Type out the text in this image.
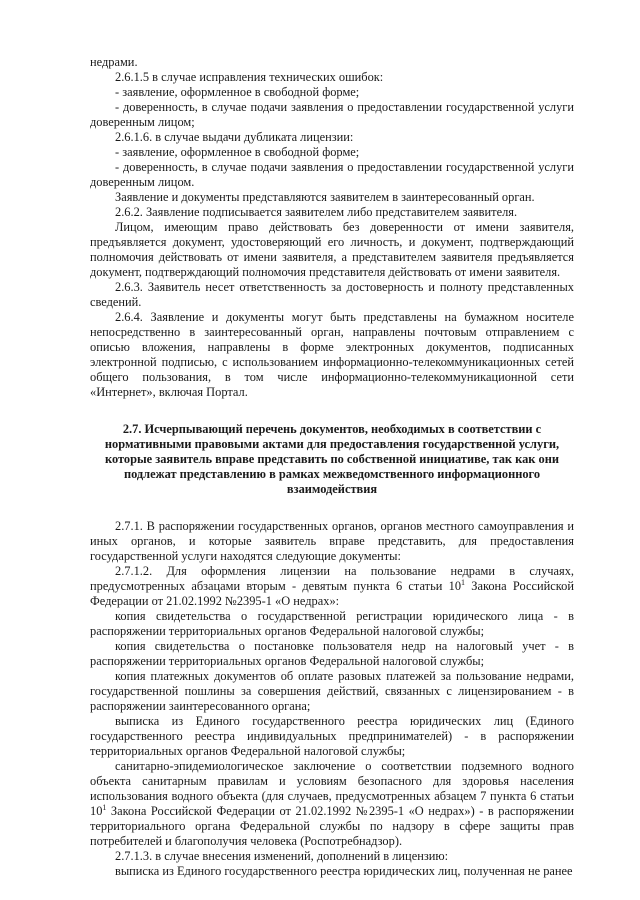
недрами.

2.6.1.5 в случае исправления технических ошибок:

- заявление, оформленное в свободной форме;

- доверенность, в случае подачи заявления о предоставлении государственной услуги доверенным лицом;

2.6.1.6. в случае выдачи дубликата лицензии:

- заявление, оформленное в свободной форме;

- доверенность, в случае подачи заявления о предоставлении государственной услуги доверенным лицом.

Заявление и документы представляются заявителем в заинтересованный орган.

2.6.2. Заявление подписывается заявителем либо представителем заявителя.

Лицом, имеющим право действовать без доверенности от имени заявителя, предъявляется документ, удостоверяющий его личность, и документ, подтверждающий полномочия действовать от имени заявителя, а представителем заявителя предъявляется документ, подтверждающий полномочия представителя действовать от имени заявителя.

2.6.3. Заявитель несет ответственность за достоверность и полноту представленных сведений.

2.6.4. Заявление и документы могут быть представлены на бумажном носителе непосредственно в заинтересованный орган, направлены почтовым отправлением с описью вложения, направлены в форме электронных документов, подписанных электронной подписью, с использованием информационно-телекоммуникационных сетей общего пользования, в том числе информационно-телекоммуникационной сети «Интернет», включая Портал.

2.7. Исчерпывающий перечень документов, необходимых в соответствии с нормативными правовыми актами для предоставления государственной услуги, которые заявитель вправе представить по собственной инициативе, так как они подлежат представлению в рамках межведомственного информационного взаимодействия

2.7.1. В распоряжении государственных органов, органов местного самоуправления и иных органов, и которые заявитель вправе представить, для предоставления государственной услуги находятся следующие документы:

2.7.1.2. Для оформления лицензии на пользование недрами в случаях, предусмотренных абзацами вторым - девятым пункта 6 статьи $10^1$ Закона Российской Федерации от 21.02.1992 №2395-1 «О недрах»:

копия свидетельства о государственной регистрации юридического лица - в распоряжении территориальных органов Федеральной налоговой службы;

копия свидетельства о постановке пользователя недр на налоговый учет - в распоряжении территориальных органов Федеральной налоговой службы;

копия платежных документов об оплате разовых платежей за пользование недрами, государственной пошлины за совершения действий, связанных с лицензированием - в распоряжении заинтересованного органа;

выписка из Единого государственного реестра юридических лиц (Единого государственного реестра индивидуальных предпринимателей) - в распоряжении территориальных органов Федеральной налоговой службы;

санитарно-эпидемиологическое заключение о соответствии подземного водного объекта санитарным правилам и условиям безопасного для здоровья населения использования водного объекта (для случаев, предусмотренных абзацем 7 пункта 6 статьи $10^1$ Закона Российской Федерации от 21.02.1992 №2395-1 «О недрах») - в распоряжении территориального органа Федеральной службы по надзору в сфере защиты прав потребителей и благополучия человека (Роспотребнадзор).

2.7.1.3. в случае внесения изменений, дополнений в лицензию:

выписка из Единого государственного реестра юридических лиц, полученная не ранее
